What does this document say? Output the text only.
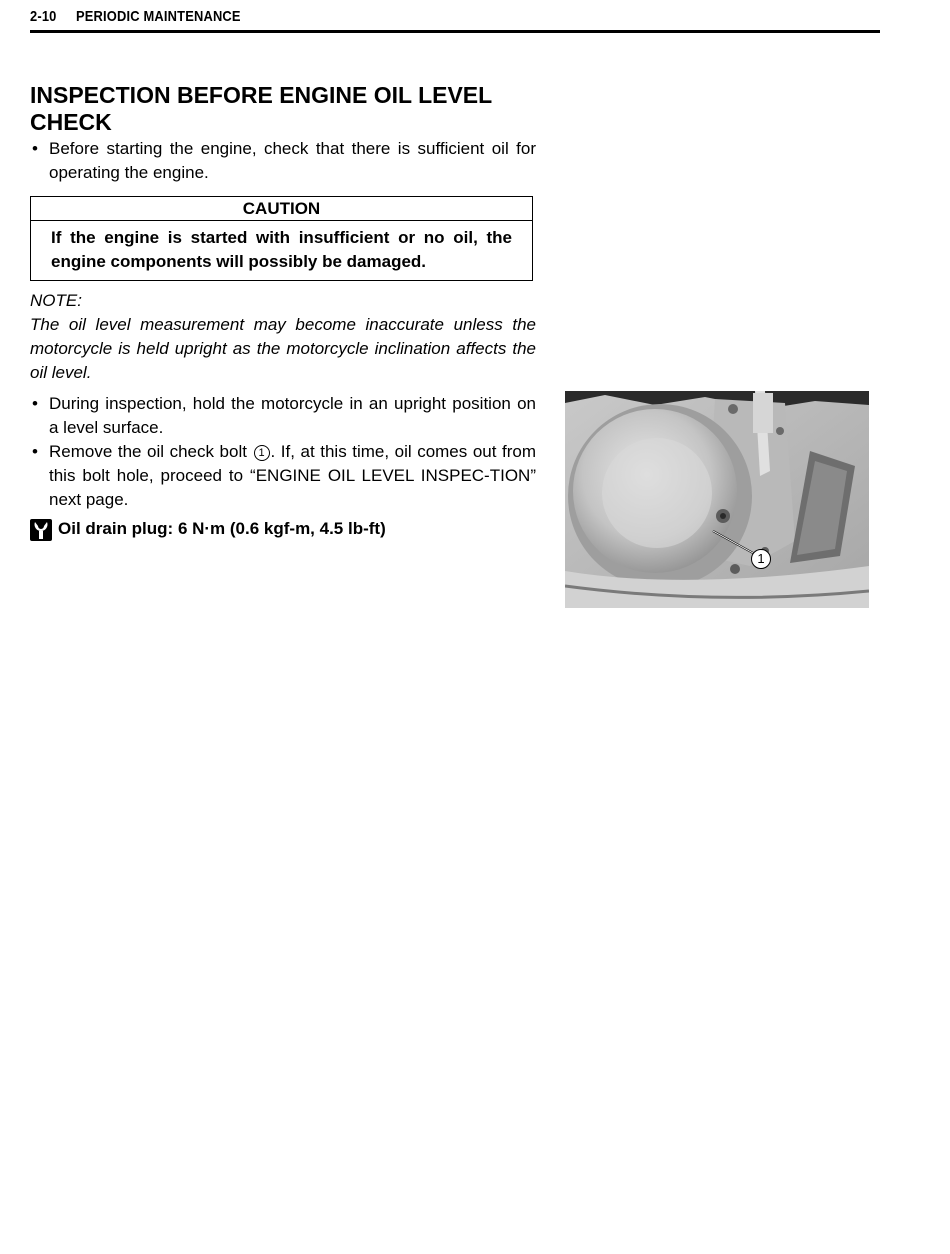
2-10 PERIODIC MAINTENANCE
INSPECTION BEFORE ENGINE OIL LEVEL CHECK
• Before starting the engine, check that there is sufficient oil for operating the engine.
CAUTION
If the engine is started with insufficient or no oil, the engine components will possibly be damaged.
NOTE:
The oil level measurement may become inaccurate unless the motorcycle is held upright as the motorcycle inclination affects the oil level.
• During inspection, hold the motorcycle in an upright position on a level surface.
• Remove the oil check bolt 1 . If, at this time, oil comes out from this bolt hole, proceed to “ENGINE OIL LEVEL INSPEC-TION” next page.
Oil drain plug: 6 N·m (0.6 kgf-m, 4.5 lb-ft)
1
